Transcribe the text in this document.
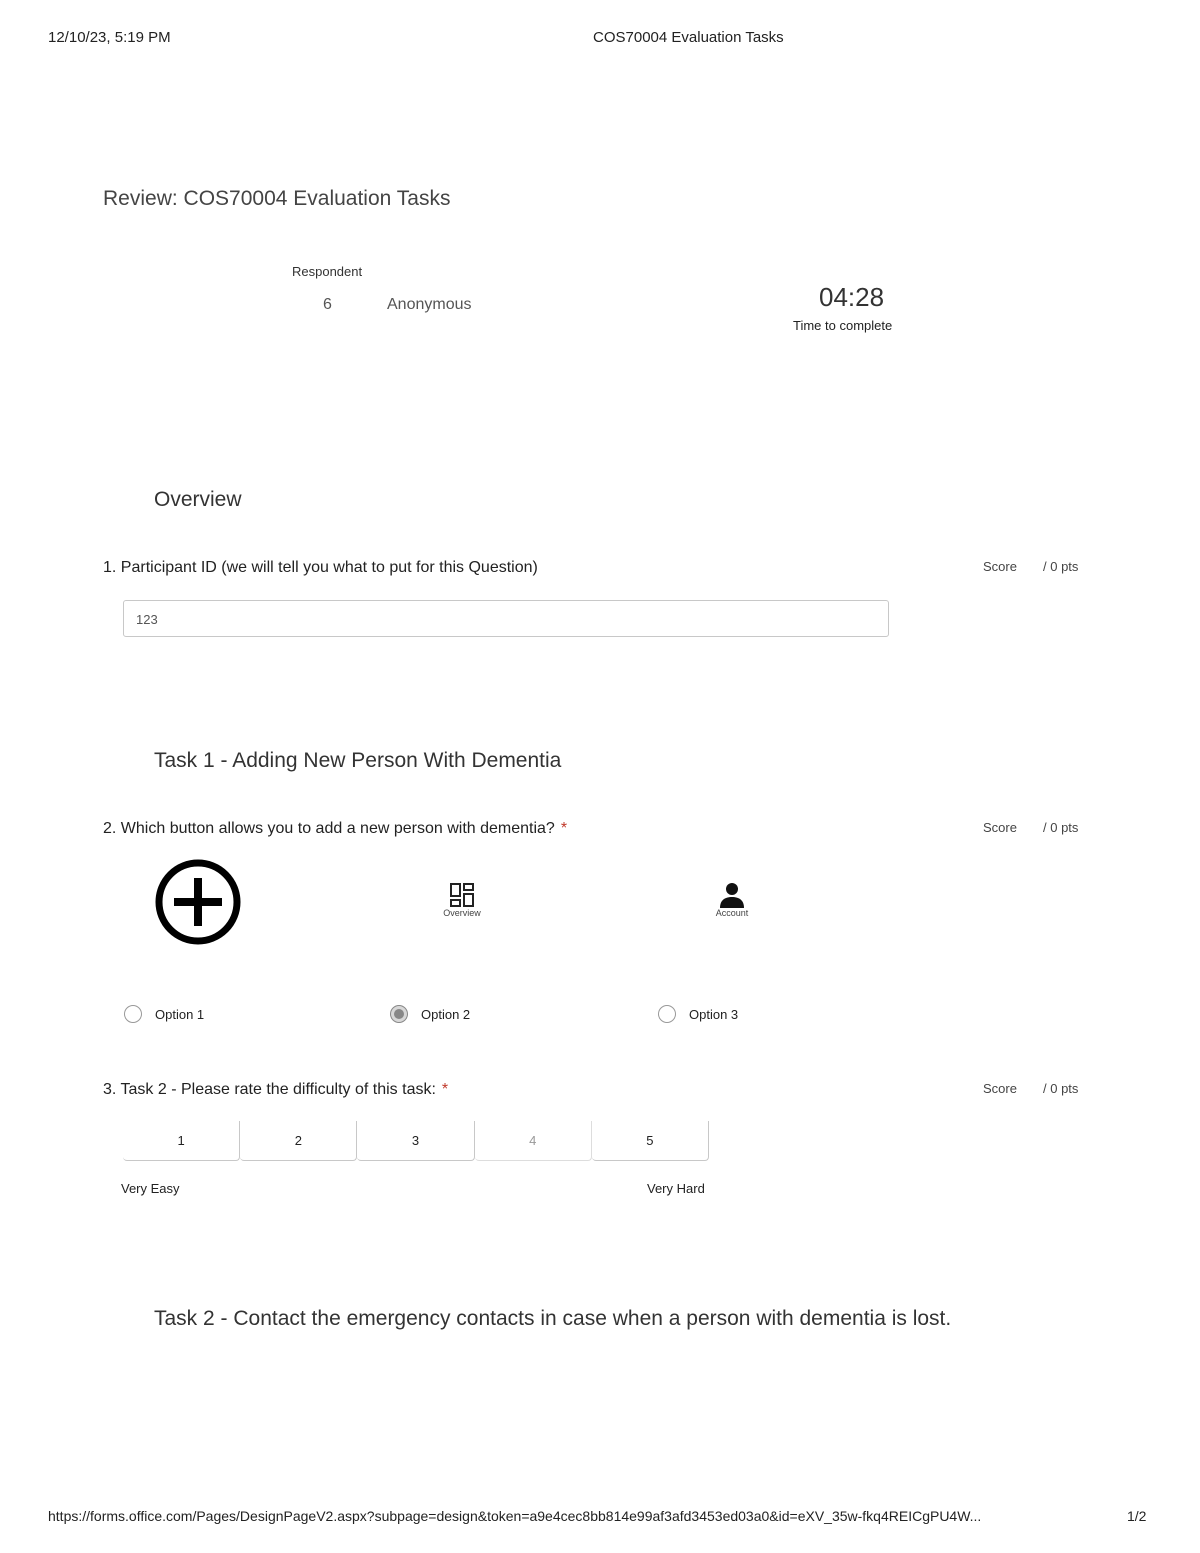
12/10/23, 5:19 PM	COS70004 Evaluation Tasks
Review: COS70004 Evaluation Tasks
Respondent
6	Anonymous	04:28
Time to complete
Overview
1. Participant ID (we will tell you what to put for this Question)	Score / 0 pts
123
Task 1 - Adding New Person With Dementia
2. Which button allows you to add a new person with dementia? *	Score / 0 pts
Overview	Account
Option 1	Option 2	Option 3
3. Task 2 - Please rate the difficulty of this task: *	Score / 0 pts
1	2	3	4	5
Very Easy	Very Hard
Task 2 - Contact the emergency contacts in case when a person with dementia is lost.
https://forms.office.com/Pages/DesignPageV2.aspx?subpage=design&token=a9e4cec8bb814e99af3afd3453ed03a0&id=eXV_35w-fkq4REICgPU4W...	1/2
